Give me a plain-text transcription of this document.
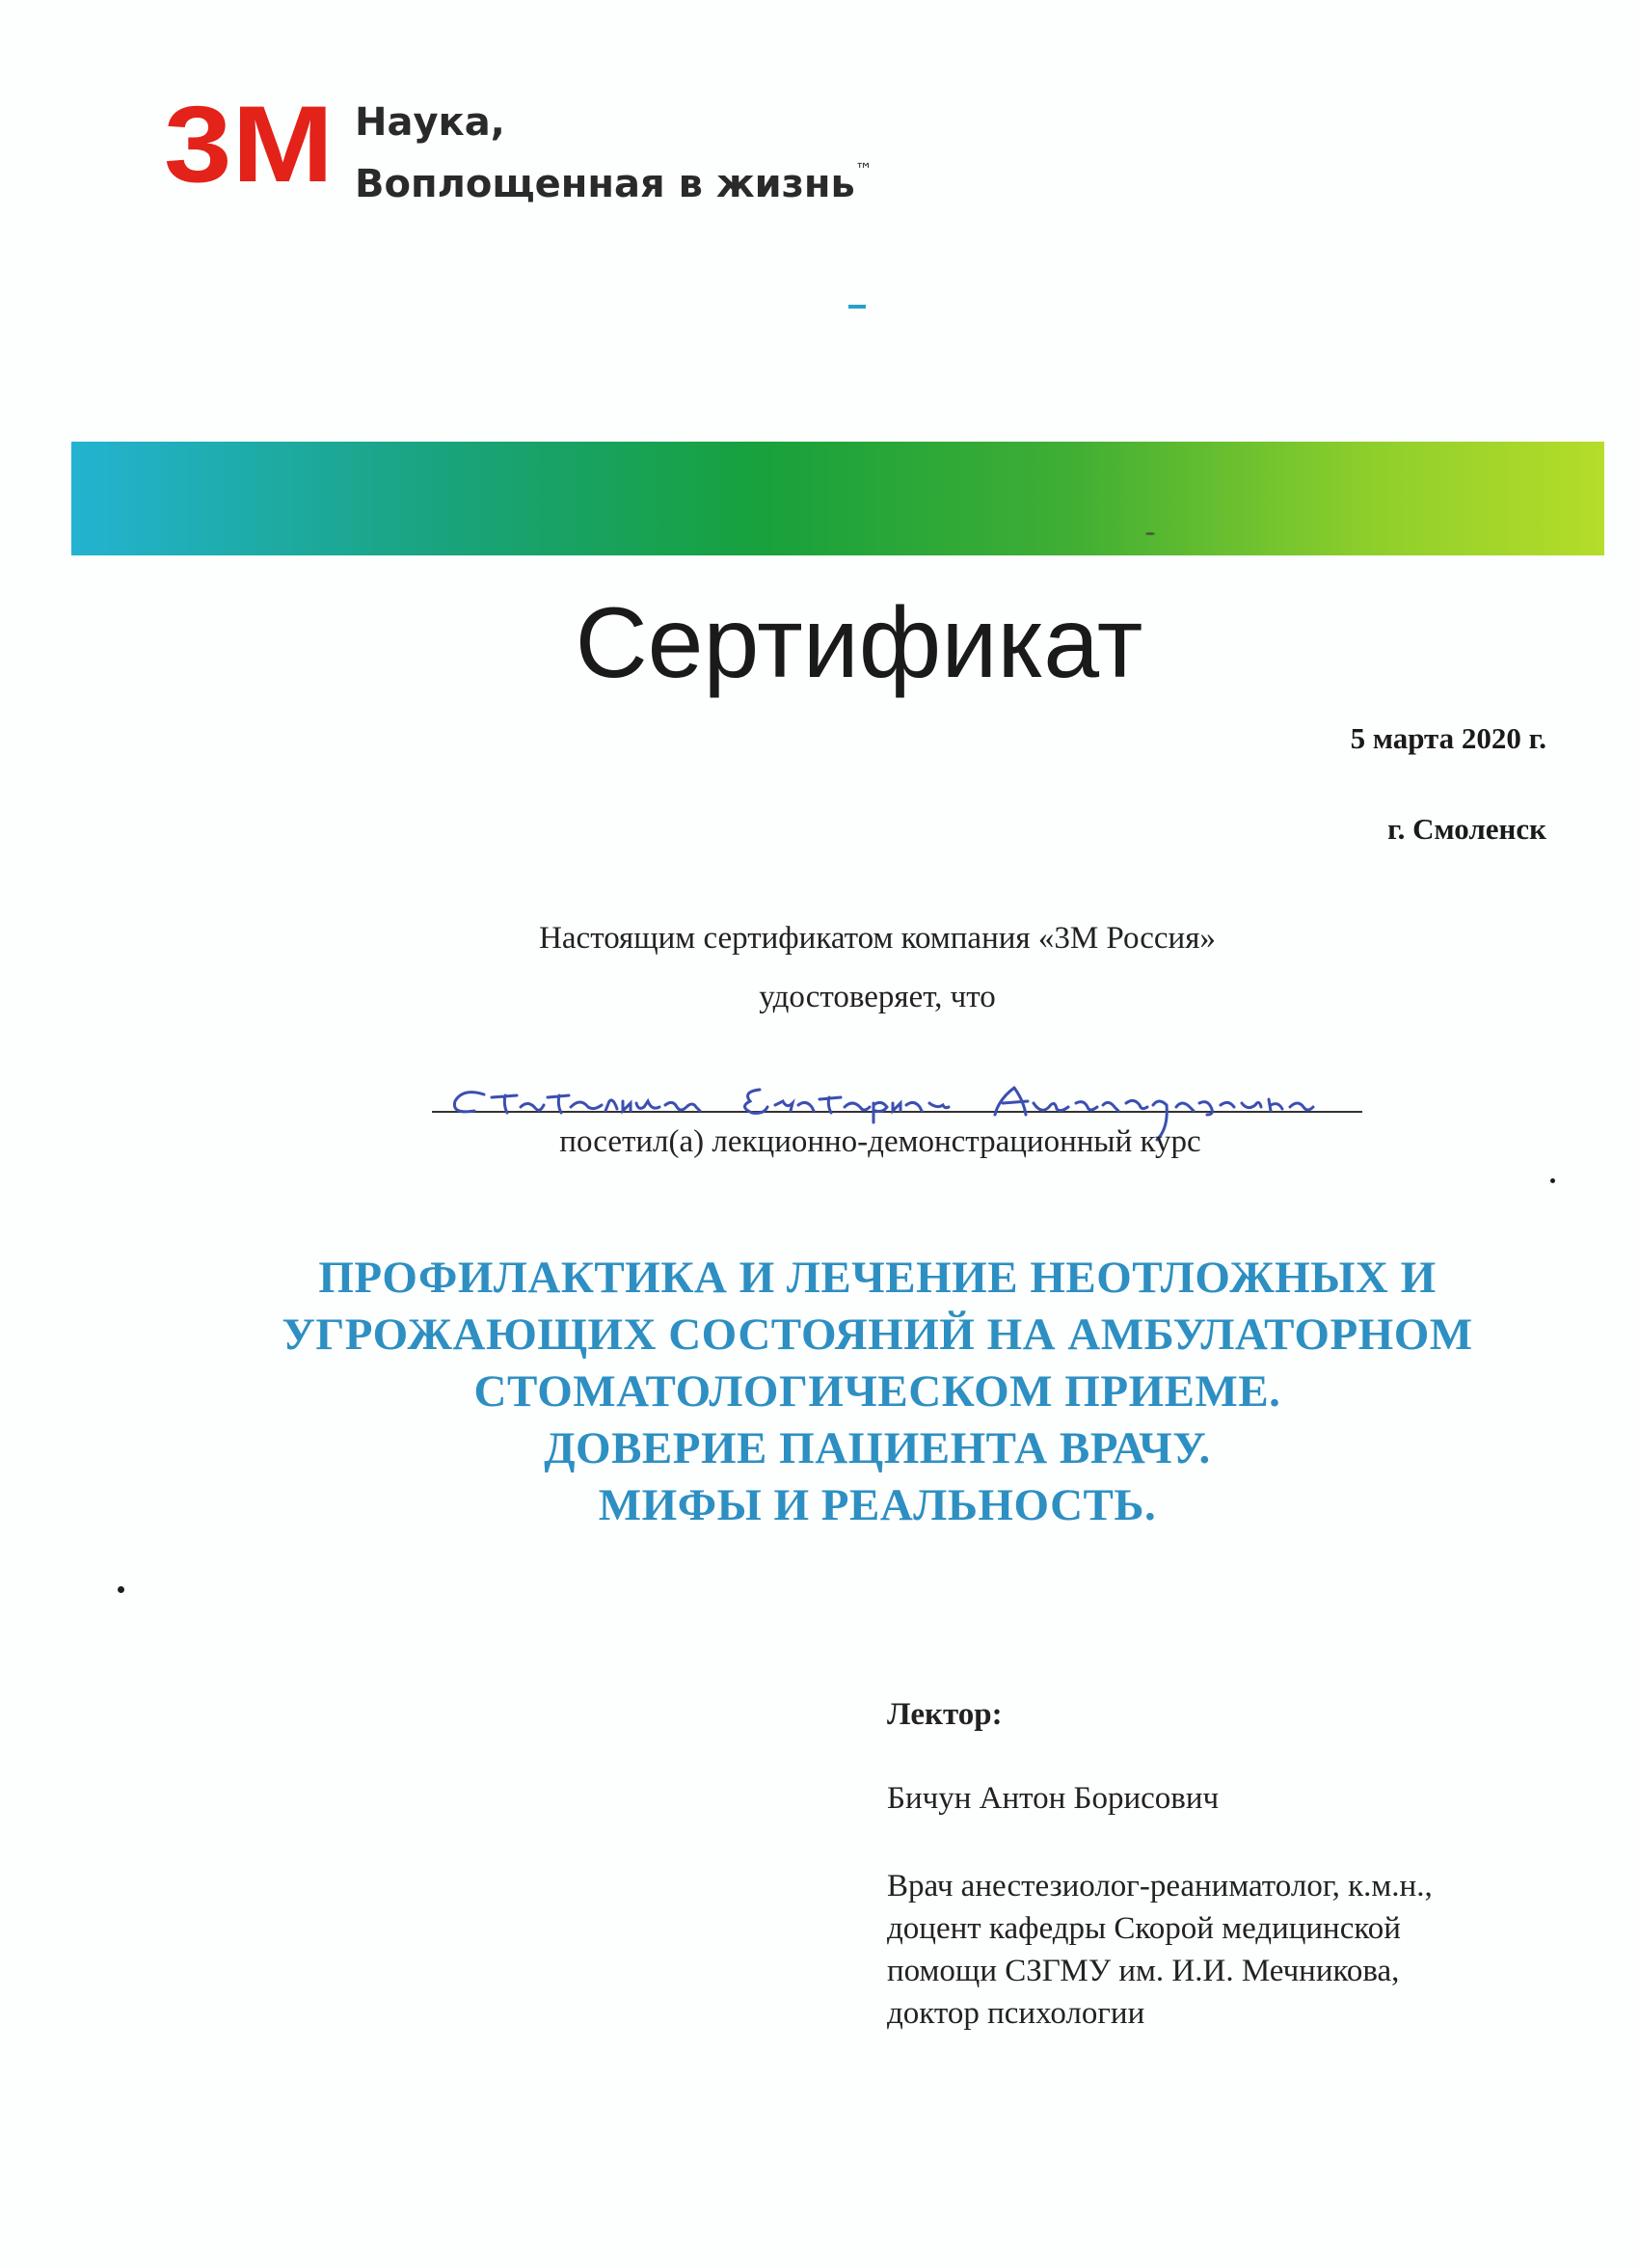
3M Наука,
Воплощенная в жизнь™
Сертификат
5 марта 2020 г.
г. Смоленск
Настоящим сертификатом компания «3М Россия»
удостоверяет, что
посетил(а) лекционно-демонстрационный курс
ПРОФИЛАКТИКА И ЛЕЧЕНИЕ НЕОТЛОЖНЫХ И
УГРОЖАЮЩИХ СОСТОЯНИЙ НА АМБУЛАТОРНОМ
СТОМАТОЛОГИЧЕСКОМ ПРИЕМЕ.
ДОВЕРИЕ ПАЦИЕНТА ВРАЧУ.
МИФЫ И РЕАЛЬНОСТЬ.
Лектор:
Бичун Антон Борисович
Врач анестезиолог-реаниматолог, к.м.н.,
доцент кафедры Скорой медицинской
помощи СЗГМУ им. И.И. Мечникова,
доктор психологии
